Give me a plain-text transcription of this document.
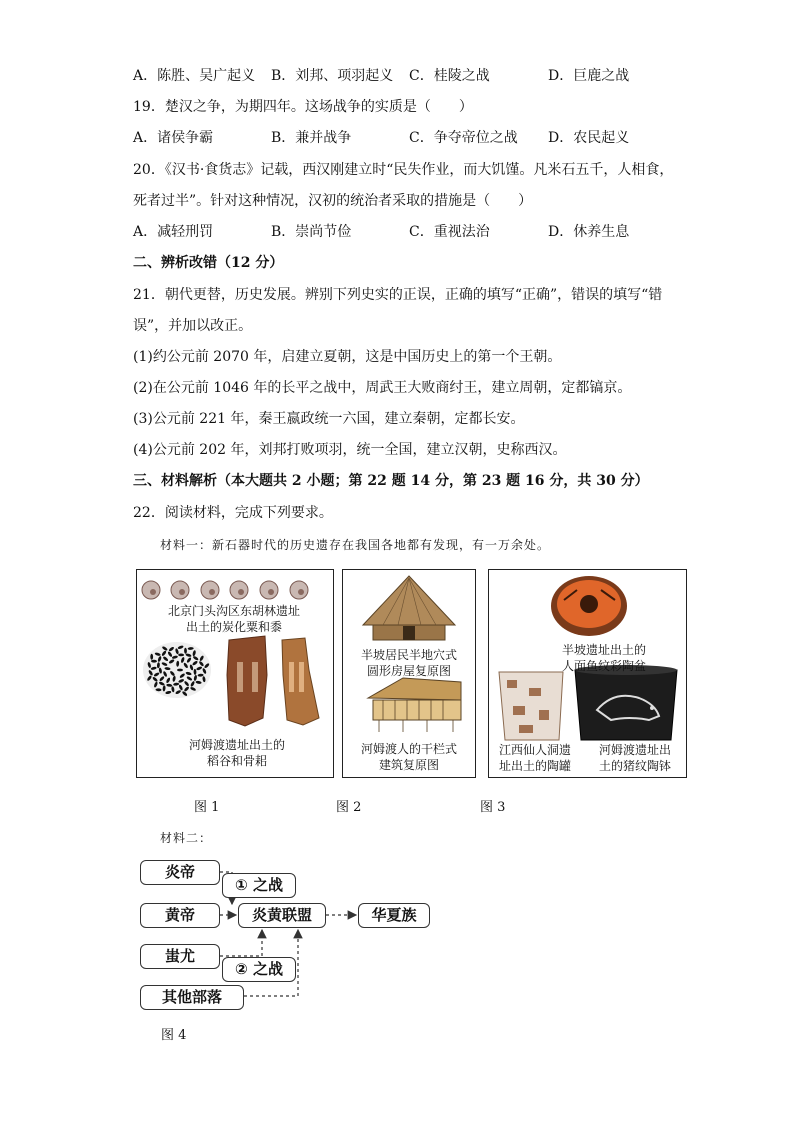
A．陈胜、吴广起义 B．刘邦、项羽起义 C．桂陵之战	D．巨鹿之战
19．楚汉之争，为期四年。这场战争的实质是（　　）
A．诸侯争霸	B．兼并战争	C．争夺帝位之战 D．农民起义
20．《汉书·食货志》记载，西汉刚建立时“民失作业，而大饥馑。凡米石五千，人相食，
死者过半”。针对这种情况，汉初的统治者采取的措施是（　　）
A．减轻刑罚	B．崇尚节俭	C．重视法治	D．休养生息
二、辨析改错（12 分）
21．朝代更替，历史发展。辨别下列史实的正误，正确的填写“正确”，错误的填写“错
误”，并加以改正。
(1)约公元前 2070 年，启建立夏朝，这是中国历史上的第一个王朝。
(2)在公元前 1046 年的长平之战中，周武王大败商纣王，建立周朝，定都镐京。
(3)公元前 221 年，秦王嬴政统一六国，建立秦朝，定都长安。
(4)公元前 202 年，刘邦打败项羽，统一全国，建立汉朝，史称西汉。
三、材料解析（本大题共 2 小题；第 22 题 14 分，第 23 题 16 分，共 30 分）
22．阅读材料，完成下列要求。
材料一：新石器时代的历史遗存在我国各地都有发现，有一万余处。
北京门头沟区东胡林遗址
出土的炭化粟和黍
河姆渡遗址出土的
稻谷和骨耜
半坡居民半地穴式
圆形房屋复原图
河姆渡人的干栏式
建筑复原图
半坡遗址出土的
人面鱼纹彩陶盆
江西仙人洞遗
址出土的陶罐
河姆渡遗址出
土的猪纹陶钵
图 1	图 2	图 3
材料二：
炎帝
① 之战
黄帝	炎黄联盟	华夏族
蚩尤
② 之战
其他部落
图 4
